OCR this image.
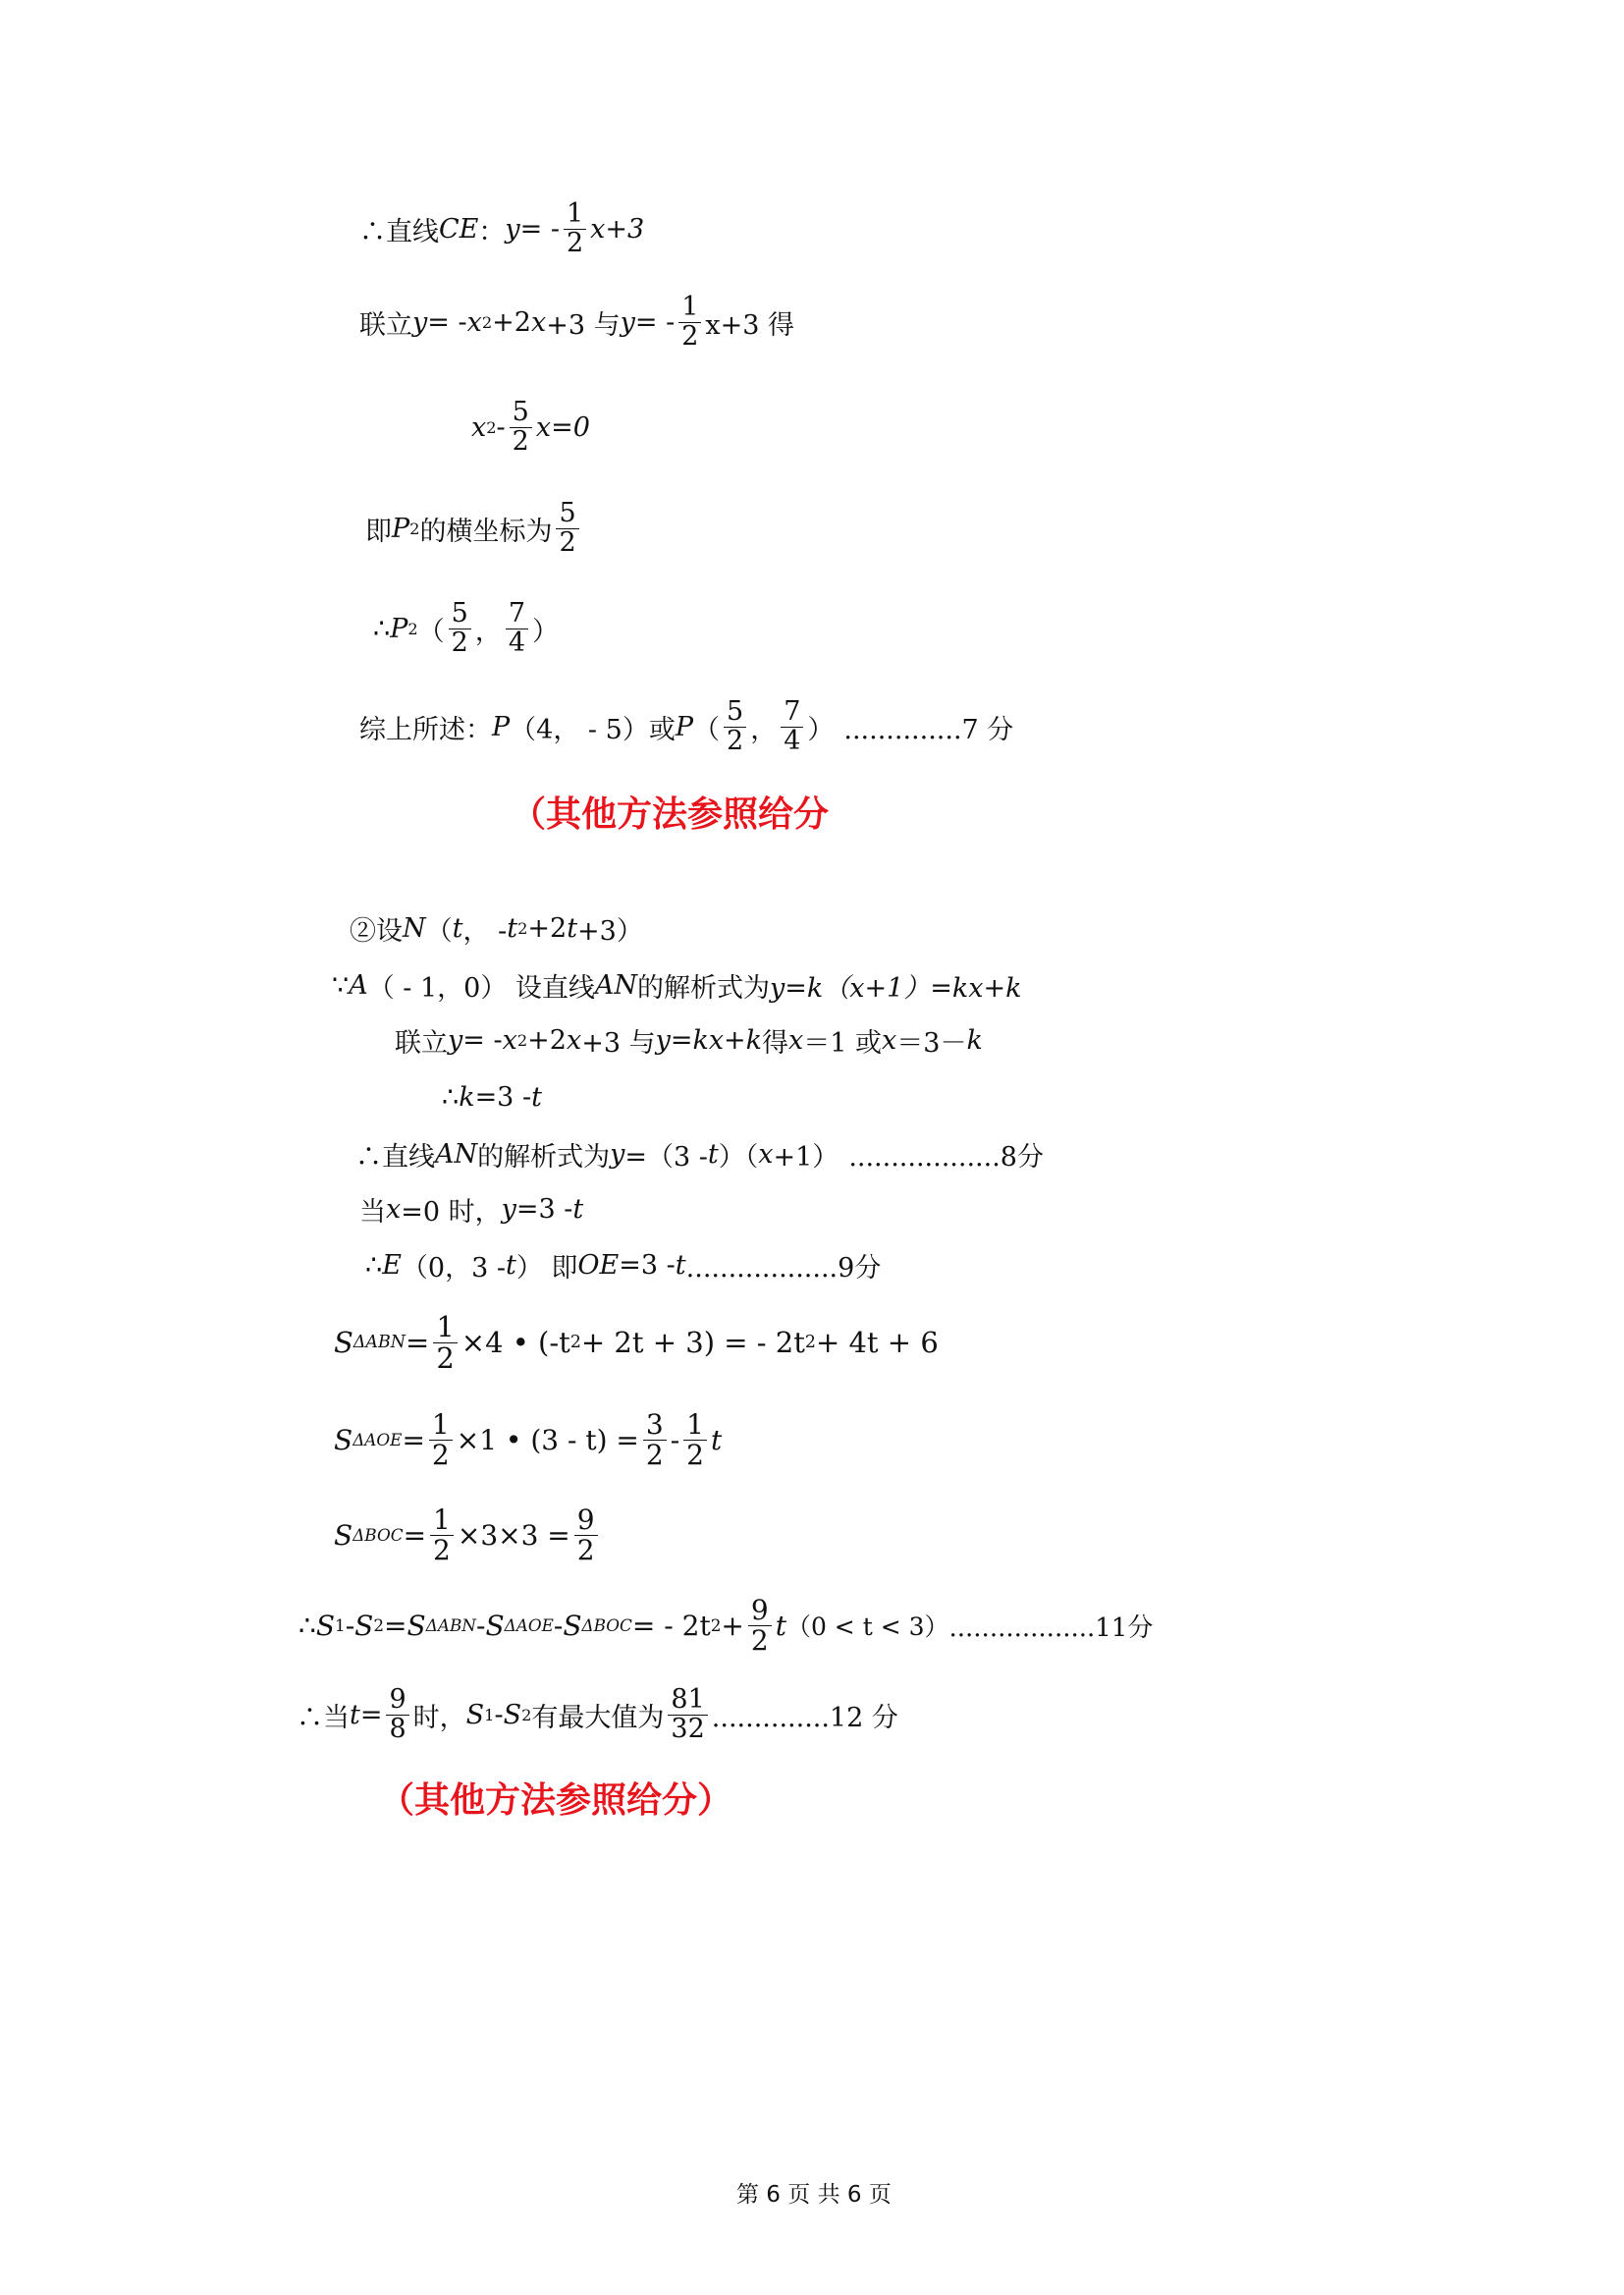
∴直线 CE ： y = - $\frac{1}{2} x+3$
联立 y = - x 2 +2 x +3 与 y = - $\frac{1}{2} x+3$ 得
x $2 - \frac{5}{2} x=0$
即 P 2 的横坐标为 $\frac{5}{2}$
∴ P 2 （ $\frac{5}{2}$ ， $\frac{7}{4}$ ）
综上所述： P （4， - 5）或 P （ $\frac{5}{2}$ ， $\frac{7}{4}$ ） ..............7 分
（其他方法参照给分
②设 N （ t ， - t 2 +2 t +3）
∵ A （ - 1，0） 设直线 AN 的解析式为 y=k（x+1）=kx+k
联立 y = - x 2 +2 x +3 与 y=kx+k 得 x ＝1 或 x ＝3－ k
∴ k =3 - t
∴直线 AN 的解析式为 y =（3 - t ）（ x +1） ..................8分
当 x =0 时， y =3 - t
∴ E （0，3 - t ） 即 OE =3 - t ..................9分
S $\Delta ABN = \frac{1}{2} \times 4$ • (-t 2 + 2t + 3) = - 2t 2 + 4t + 6
S $\Delta AOE = \frac{1}{2} \times 1$ • $(3 - t) = \frac{3}{2} - \frac{1}{2}$ t
S $\Delta BOC = \frac{1}{2} \times 3\times 3 = \frac{9}{2}$
∴ S 1 - S 2 = S ΔABN - S ΔAOE - S ΔBOC = - 2t $2 + \frac{9}{2}$ t （0 < t < 3） ..................11分
∴当 $t = \frac{9}{8}$ 时， S 1 - S 2 有最大值为 $\frac{81}{32} ..............12$ 分
（其他方法参照给分）
第 6 页 共 6 页
